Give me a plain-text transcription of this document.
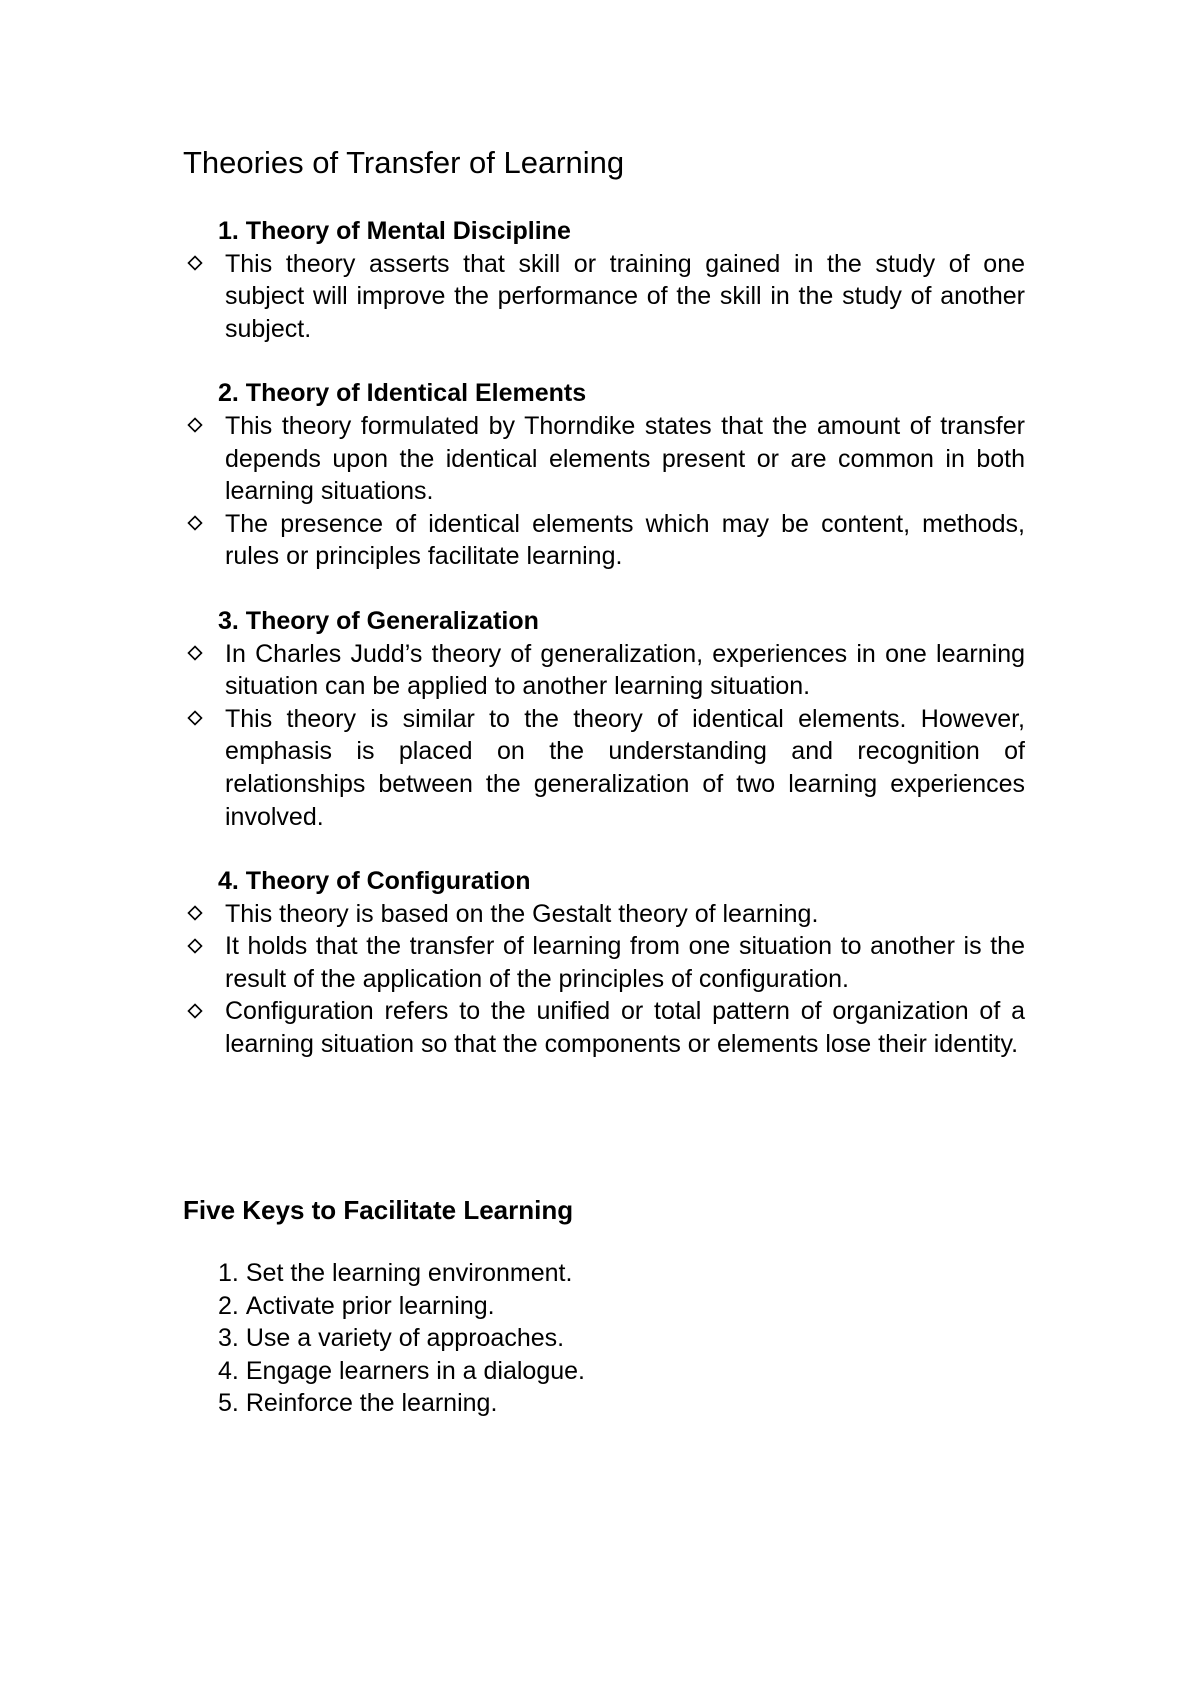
Theories of Transfer of Learning
1. Theory of Mental Discipline
This theory asserts that skill or training gained in the study of one subject will improve the performance of the skill in the study of another subject.
2. Theory of Identical Elements
This theory formulated by Thorndike states that the amount of transfer depends upon the identical elements present or are common in both learning situations.
The presence of identical elements which may be content, methods, rules or principles facilitate learning.
3. Theory of Generalization
In Charles Judd’s theory of generalization, experiences in one learning situation can be applied to another learning situation.
This theory is similar to the theory of identical elements. However, emphasis is placed on the understanding and recognition of relationships between the generalization of two learning experiences involved.
4. Theory of Configuration
This theory is based on the Gestalt theory of learning.
It holds that the transfer of learning from one situation to another is the result of the application of the principles of configuration.
Configuration refers to the unified or total pattern of organization of a learning situation so that the components or elements lose their identity.
Five Keys to Facilitate Learning
1. Set the learning environment.
2. Activate prior learning.
3. Use a variety of approaches.
4. Engage learners in a dialogue.
5. Reinforce the learning.
